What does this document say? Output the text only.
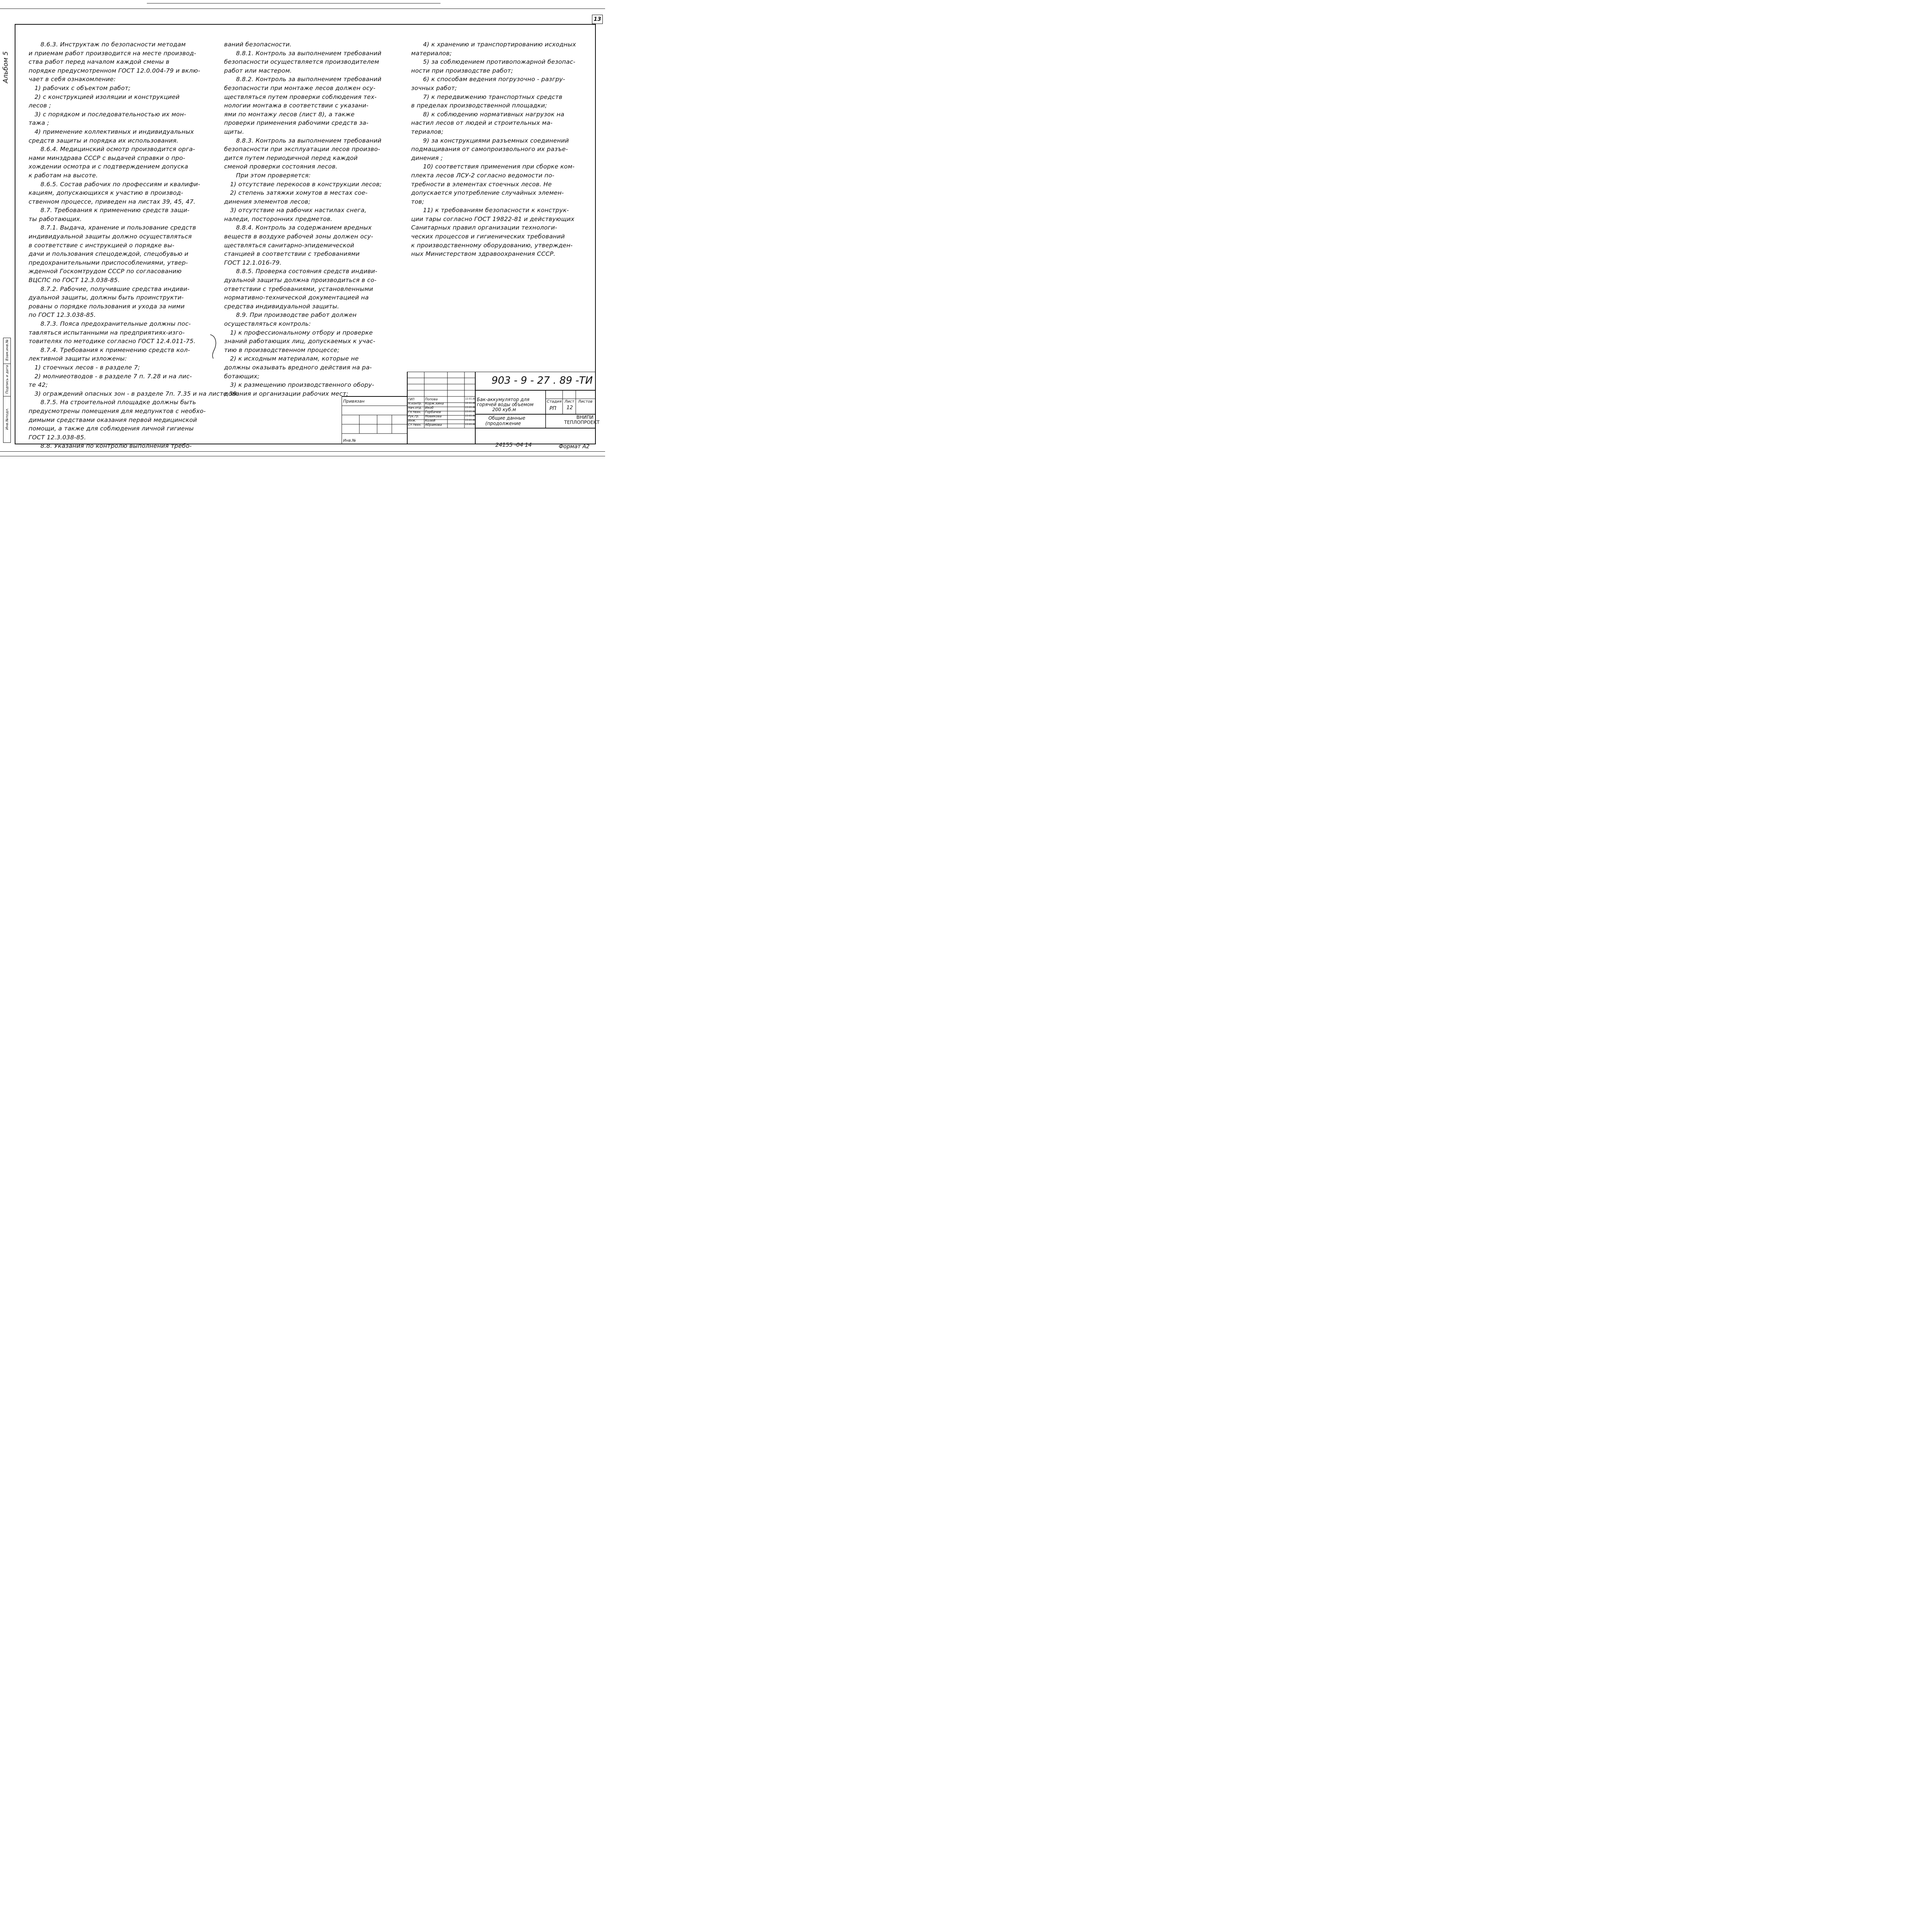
Альбом 5
13
Инв.№подл.
Подпись и дата
Взам.инв.№
8.6.3. Инструктаж по безопасности методам
и приемам работ производится на месте производ-
ства работ перед началом каждой смены в
порядке предусмотренном ГОСТ 12.0.004-79 и вклю-
чает в себя ознакомление:
1) рабочих с объектом работ;
2) с конструкцией изоляции и конструкцией
лесов ;
3) с порядком и последовательностью их мон-
тажа ;
4) применение коллективных и индивидуальных
средств защиты и порядка их использования.
8.6.4. Медицинский осмотр производится орга-
нами минздрава СССР с выдачей справки о про-
хождении осмотра и с подтверждением допуска
к работам на высоте.
8.6.5. Состав рабочих по профессиям и квалифи-
кациям, допускающихся к участию в производ-
ственном процессе, приведен на листах 39, 45, 47.
8.7. Требования к применению средств защи-
ты работающих.
8.7.1. Выдача, хранение и пользование средств
индивидуальной защиты должно осуществляться
в соответствие с инструкцией о порядке вы-
дачи и пользования спецодеждой, спецобувью и
предохранительными приспособлениями, утвер-
жденной Госкомтрудом СССР по согласованию
ВЦСПС по ГОСТ 12.3.038-85.
8.7.2. Рабочие, получившие средства индиви-
дуальной защиты, должны быть проинструкти-
рованы о порядке пользования и ухода за ними
по ГОСТ 12.3.038-85.
8.7.3. Пояса предохранительные должны пос-
тавляться испытанными на предприятиях-изго-
товителях по методике согласно ГОСТ 12.4.011-75.
8.7.4. Требования к применению средств кол-
лективной защиты изложены:
1) стоечных лесов - в разделе 7;
2) молниеотводов - в разделе 7 п. 7.28 и на лис-
те 42;
3) ограждений опасных зон - в разделе 7п. 7.35 и на листе 39.
8.7.5. На строительной площадке должны быть
предусмотрены помещения для медпунктов с необхо-
димыми средствами оказания первой медицинской
помощи, а также для соблюдения личной гигиены
ГОСТ 12.3.038-85.
8.8. Указания по контролю выполнения требо-
ваний безопасности.
8.8.1. Контроль за выполнением требований
безопасности осуществляется производителем
работ или мастером.
8.8.2. Контроль за выполнением требований
безопасности при монтаже лесов должен осу-
ществляться путем проверки соблюдения тех-
нологии монтажа в соответствии с указани-
ями по монтажу лесов (лист 8), а также
проверки применения рабочими средств за-
щиты.
8.8.3. Контроль за выполнением требований
безопасности при эксплуатации лесов произво-
дится путем периодичной перед каждой
сменой проверки состояния лесов.
При этом проверяется:
1) отсутствие перекосов в конструкции лесов;
2) степень затяжки хомутов в местах сое-
динения элементов лесов;
3) отсутствие на рабочих настилах снега,
наледи, посторонних предметов.
8.8.4. Контроль за содержанием вредных
веществ в воздухе рабочей зоны должен осу-
ществляться санитарно-эпидемической
станцией в соответствии с требованиями
ГОСТ 12.1.016-79.
8.8.5. Проверка состояния средств индиви-
дуальной защиты должна производиться в со-
ответствии с требованиями, установленными
нормативно-технической документацией на
средства индивидуальной защиты.
8.9. При производстве работ должен
осуществляться контроль:
1) к профессиональному отбору и проверке
знаний работающих лиц, допускаемых к учас-
тию в производственном процессе;
2) к исходным материалам, которые не
должны оказывать вредного действия на ра-
ботающих;
3) к размещению производственного обору-
дования и организации рабочих мест;
4) к хранению и транспортированию исходных
материалов;
5) за соблюдением противопожарной безопас-
ности при производстве работ;
6) к способам ведения погрузочно - разгру-
зочных работ;
7) к передвижению транспортных средств
в пределах производственной площадки;
8) к соблюдению нормативных нагрузок на
настил лесов от людей и строительных ма-
териалов;
9) за конструкциями разъемных соединений
подмащивания от самопроизвольного их разъе-
динения ;
10) соответствия применения при сборке ком-
плекта лесов ЛСУ-2 согласно ведомости по-
требности в элементах стоечных лесов. Не
допускается употребление случайных элемен-
тов;
11) к требованиям безопасности к конструк-
ции тары согласно ГОСТ 19822-81 и действующих
Санитарных правил организации технологи-
ческих процессов и гигиенических требований
к производственному оборудованию, утвержден-
ных Министерством здравоохранения СССР.
903 - 9 - 27 . 89 -ТИ
Привязан
Инв.№
ГИП	Попова	12.01.88
Н.контр. Корж.хина	12.01.88
Нач.отд. Икоб	13.01.88
Гл.техн. Горбачев	13.01.88
Рук.гр. Новикова	13.01.88
Инж.	Козей	13.01.88
Ст.техн. Абрамова	13.01.88
Бак-аккумулятор для
горячей воды объемом
200 куб.м
Общие данные
(продолжение
Стадия Лист Листов
РП 12
ВНИПИ
ТЕПЛОПРОЕКТ
24155 -04 14	Формат А2
